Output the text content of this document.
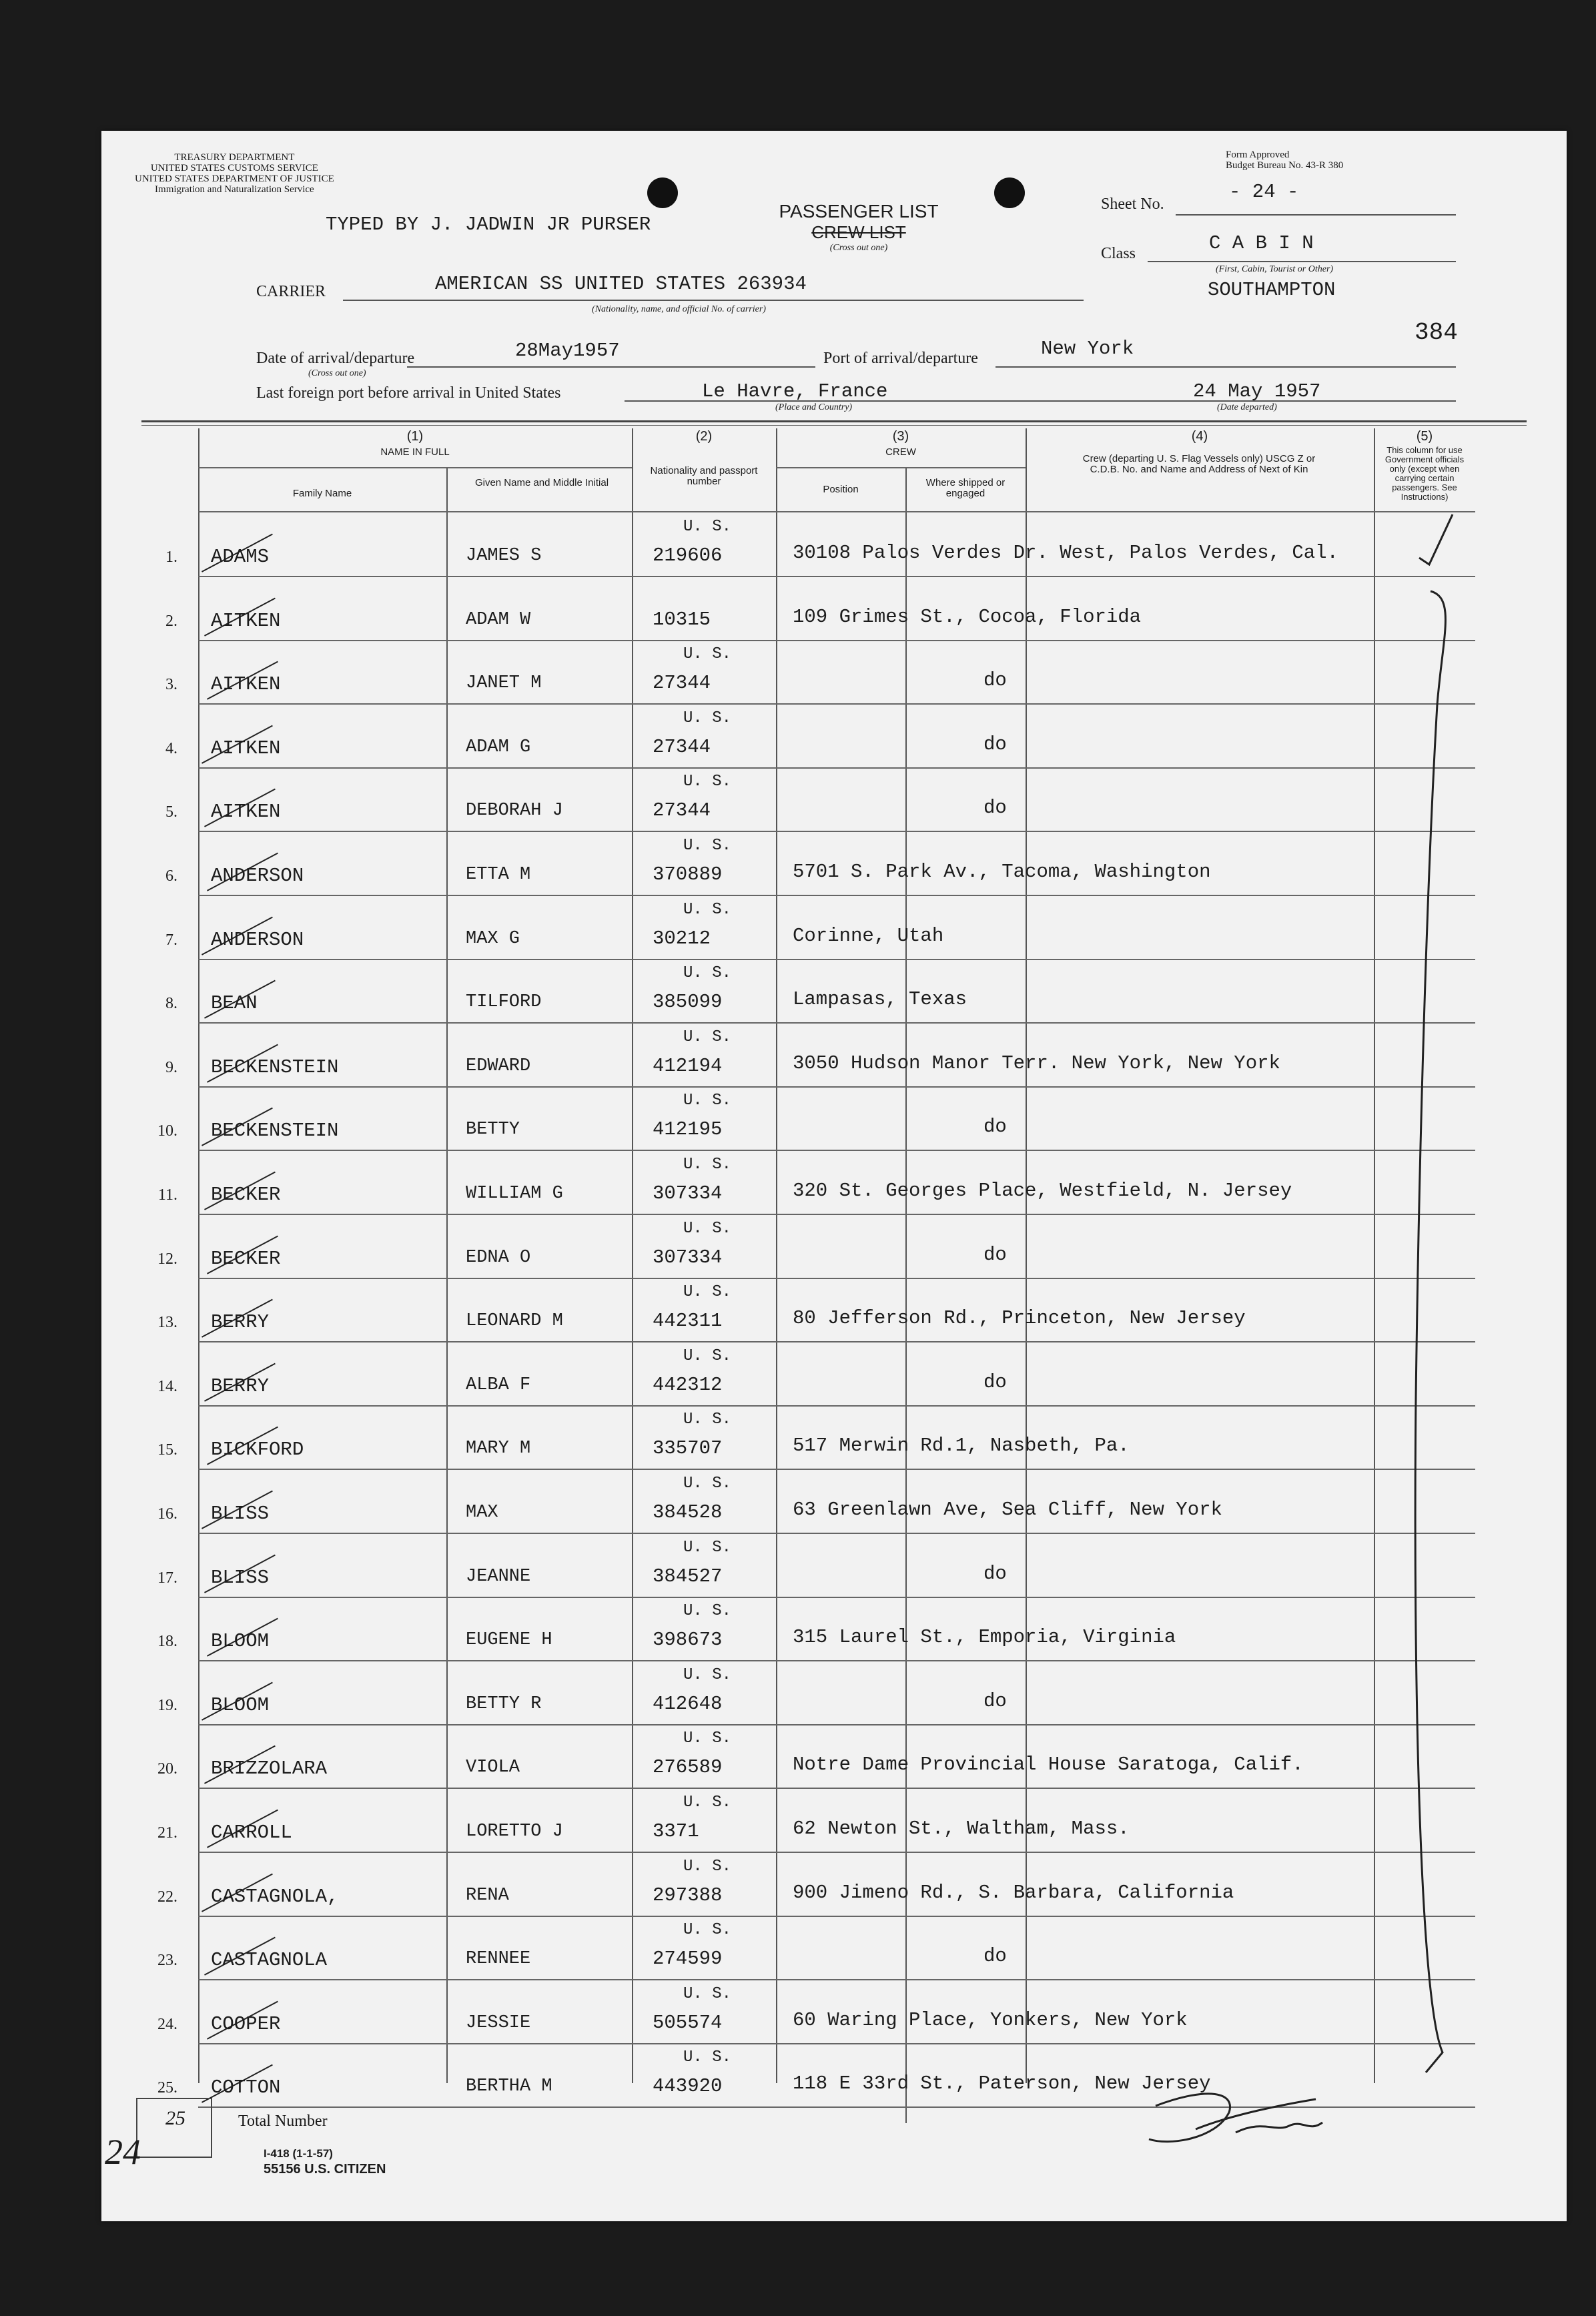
TREASURY DEPARTMENT
UNITED STATES CUSTOMS SERVICE
UNITED STATES DEPARTMENT OF JUSTICE
Immigration and Naturalization Service
Form Approved
Budget Bureau No. 43-R 380
TYPED BY J. JADWIN JR PURSER
PASSENGER LIST
CREW LIST
(Cross out one)
Sheet No.
- 24 -
Class	C A B I N
(First, Cabin, Tourist or Other)
SOUTHAMPTON
384
CARRIER	AMERICAN SS UNITED STATES 263934
(Nationality, name, and official No. of carrier)
Date of arrival/departure	28May1957
(Cross out one)
Port of arrival/departure	New York
Last foreign port before arrival in United States	Le Havre, France
(Place and Country)
24 May 1957
(Date departed)
(1)
NAME IN FULL
Family Name
Given Name and Middle Initial
(2)
Nationality and passport number
(3)
CREW
Position
Where shipped or engaged
(4)
Crew (departing U. S. Flag Vessels only) USCG Z or C.D.B. No. and Name and Address of Next of Kin
(5)
This column for use Government officials only (except when carrying certain passengers. See Instructions)
1. ADAMS	JAMES S
U. S.
219606	30108 Palos Verdes Dr. West, Palos Verdes, Cal.
2. AITKEN	ADAM W	10315	109 Grimes St., Cocoa, Florida
3. AITKEN	JANET M
U. S.
27344	do
4. AITKEN	ADAM G
U. S.
27344	do
5. AITKEN	DEBORAH J
U. S.
27344	do
6. ANDERSON	ETTA M
U. S.
370889	5701 S. Park Av., Tacoma, Washington
7. ANDERSON	MAX G
U. S.
30212	Corinne, Utah
8. BEAN	TILFORD
U. S.
385099	Lampasas, Texas
9. BECKENSTEIN	EDWARD
U. S.
412194	3050 Hudson Manor Terr. New York, New York
10. BECKENSTEIN	BETTY
U. S.
412195	do
11. BECKER	WILLIAM G
U. S.
307334	320 St. Georges Place, Westfield, N. Jersey
12. BECKER	EDNA O
U. S.
307334	do
13. BERRY	LEONARD M
U. S.
442311	80 Jefferson Rd., Princeton, New Jersey
14. BERRY	ALBA F
U. S.
442312	do
15. BICKFORD	MARY M
U. S.
335707	517 Merwin Rd.1, Nasbeth, Pa.
16. BLISS	MAX
U. S.
384528	63 Greenlawn Ave, Sea Cliff, New York
17. BLISS	JEANNE
U. S.
384527	do
18. BLOOM	EUGENE H
U. S.
398673	315 Laurel St., Emporia, Virginia
19. BLOOM	BETTY R
U. S.
412648	do
20. BRIZZOLARA	VIOLA
U. S.
276589	Notre Dame Provincial House Saratoga, Calif.
21. CARROLL	LORETTO J
U. S.
3371	62 Newton St., Waltham, Mass.
22. CASTAGNOLA,	RENA
U. S.
297388	900 Jimeno Rd., S. Barbara, California
23. CASTAGNOLA	RENNEE
U. S.
274599	do
24. COOPER	JESSIE
U. S.
505574	60 Waring Place, Yonkers, New York
25. COTTON	BERTHA M
U. S.
443920	118 E 33rd St., Paterson, New Jersey
25
24
Total Number
I-418 (1-1-57)
55156 U.S. CITIZEN
